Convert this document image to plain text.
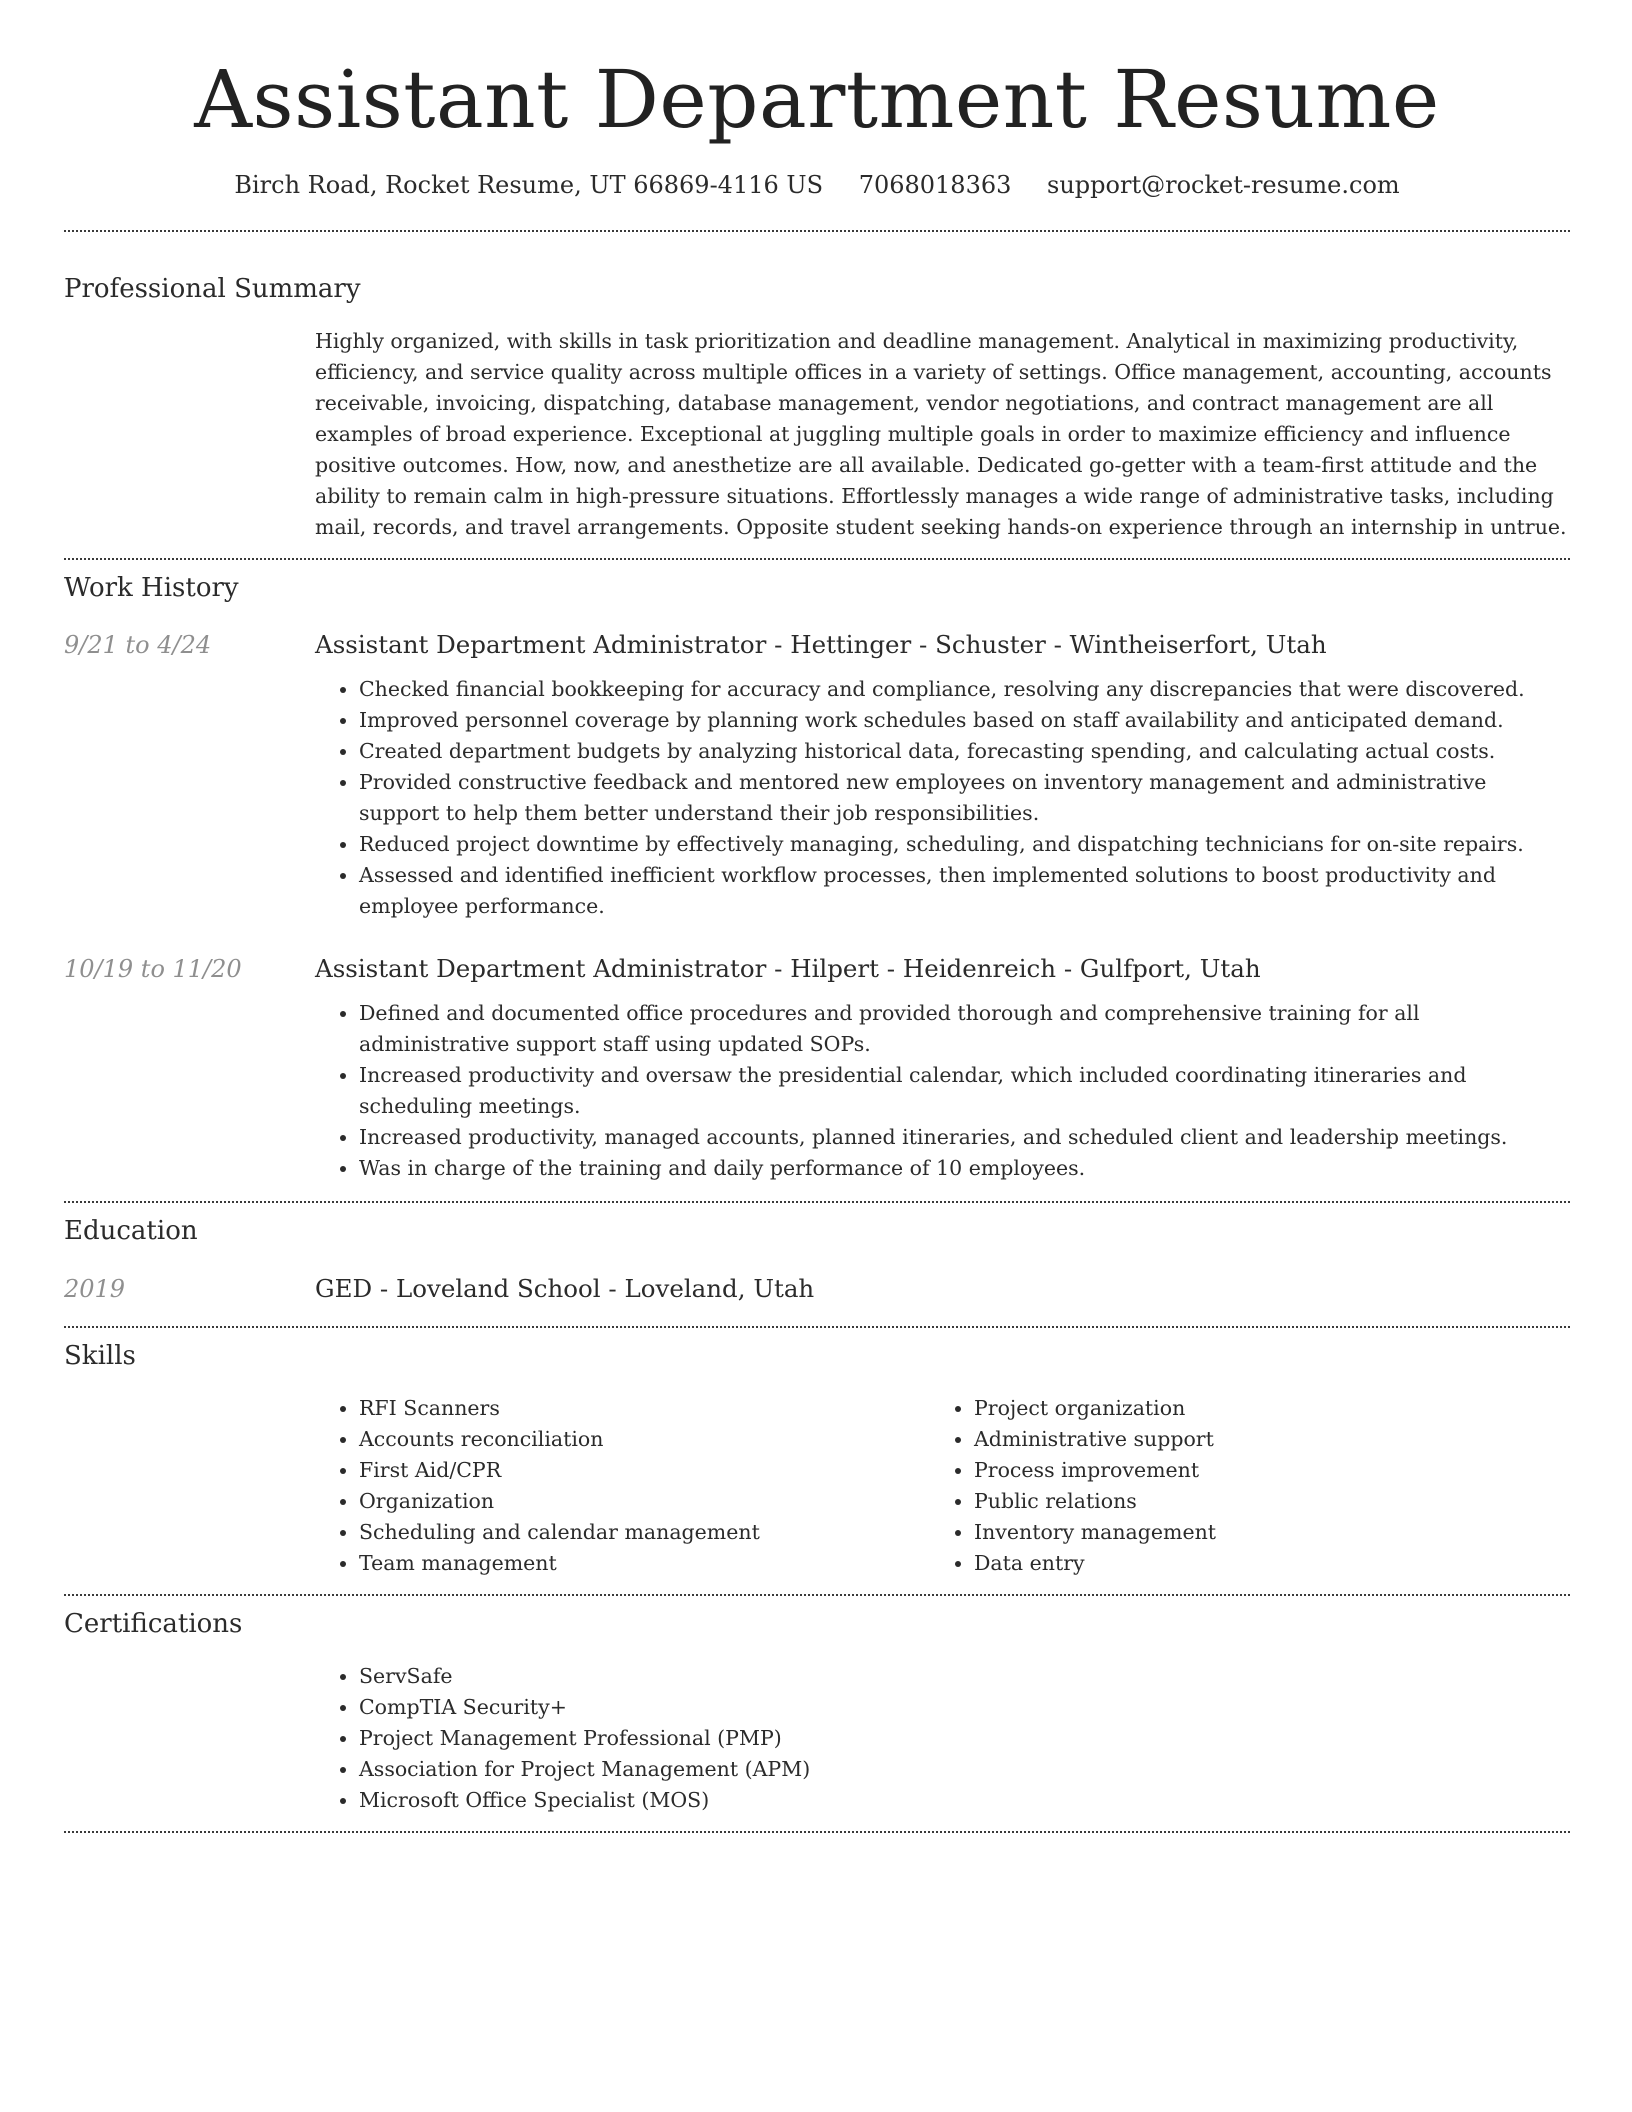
Assistant Department Resume
Birch Road, Rocket Resume, UT 66869-4116 US 7068018363 support@rocket-resume.com
Professional Summary
Highly organized, with skills in task prioritization and deadline management. Analytical in maximizing productivity, efficiency, and service quality across multiple offices in a variety of settings. Office management, accounting, accounts receivable, invoicing, dispatching, database management, vendor negotiations, and contract management are all examples of broad experience. Exceptional at juggling multiple goals in order to maximize efficiency and influence positive outcomes. How, now, and anesthetize are all available. Dedicated go-getter with a team-first attitude and the ability to remain calm in high-pressure situations. Effortlessly manages a wide range of administrative tasks, including mail, records, and travel arrangements. Opposite student seeking hands-on experience through an internship in untrue.
Work History
9/21 to 4/24	Assistant Department Administrator - Hettinger - Schuster - Wintheiserfort, Utah
• Checked financial bookkeeping for accuracy and compliance, resolving any discrepancies that were discovered.
• Improved personnel coverage by planning work schedules based on staff availability and anticipated demand.
• Created department budgets by analyzing historical data, forecasting spending, and calculating actual costs.
• Provided constructive feedback and mentored new employees on inventory management and administrative support to help them better understand their job responsibilities.
• Reduced project downtime by effectively managing, scheduling, and dispatching technicians for on-site repairs.
• Assessed and identified inefficient workflow processes, then implemented solutions to boost productivity and employee performance.
10/19 to 11/20	Assistant Department Administrator - Hilpert - Heidenreich - Gulfport, Utah
• Defined and documented office procedures and provided thorough and comprehensive training for all administrative support staff using updated SOPs.
• Increased productivity and oversaw the presidential calendar, which included coordinating itineraries and scheduling meetings.
• Increased productivity, managed accounts, planned itineraries, and scheduled client and leadership meetings.
• Was in charge of the training and daily performance of 10 employees.
Education
2019	GED - Loveland School - Loveland, Utah
Skills
• RFI Scanners
• Accounts reconciliation
• First Aid/CPR
• Organization
• Scheduling and calendar management
• Team management
• Project organization
• Administrative support
• Process improvement
• Public relations
• Inventory management
• Data entry
Certifications
• ServSafe
• CompTIA Security+
• Project Management Professional (PMP)
• Association for Project Management (APM)
• Microsoft Office Specialist (MOS)
